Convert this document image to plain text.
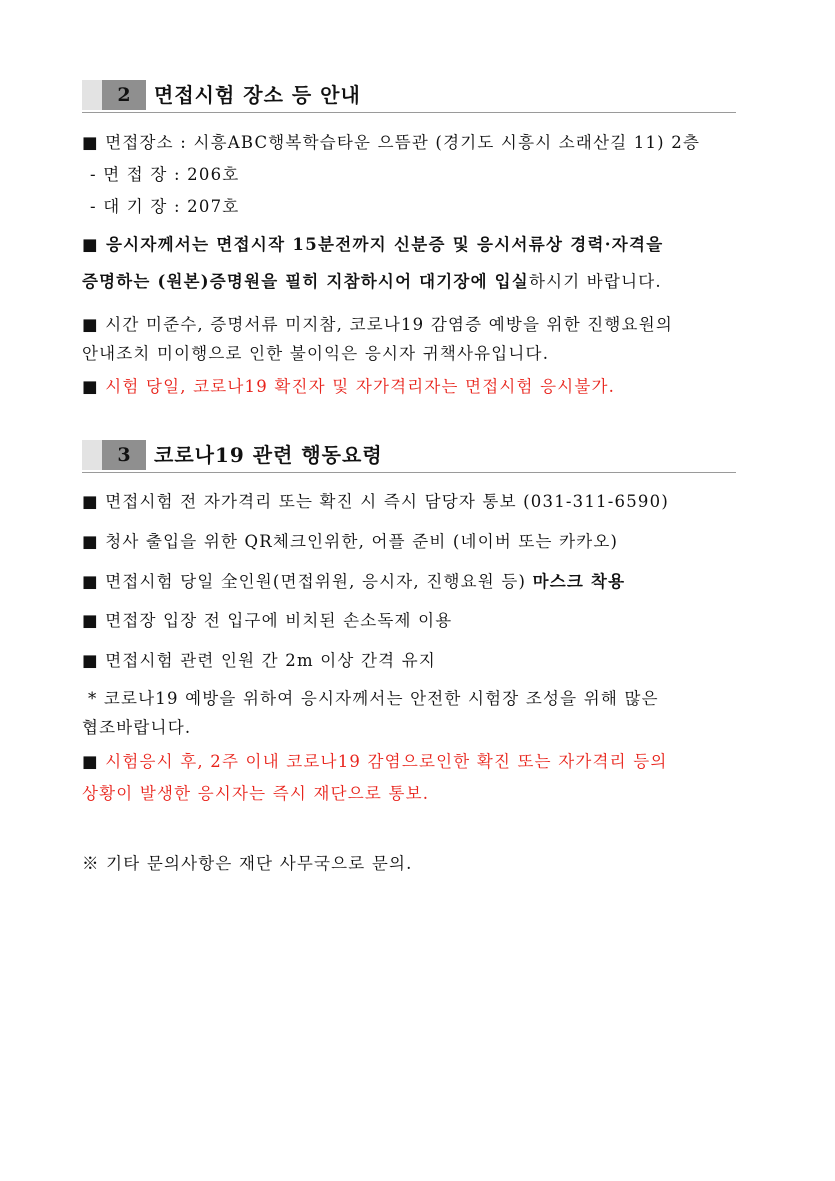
2	면접시험 장소 등 안내
■ 면접장소 : 시흥ABC행복학습타운 으뜸관 (경기도 시흥시 소래산길 11) 2층
- 면 접 장 : 206호
- 대 기 장 : 207호
■ 응시자께서는 면접시작 15분전까지 신분증 및 응시서류상 경력·자격을
증명하는 (원본)증명원을 필히 지참하시어 대기장에 입실하시기 바랍니다.
■ 시간 미준수, 증명서류 미지참, 코로나19 감염증 예방을 위한 진행요원의
안내조치 미이행으로 인한 불이익은 응시자 귀책사유입니다.
■ 시험 당일, 코로나19 확진자 및 자가격리자는 면접시험 응시불가.
3	코로나19 관련 행동요령
■ 면접시험 전 자가격리 또는 확진 시 즉시 담당자 통보 (031-311-6590)
■ 청사 출입을 위한 QR체크인위한, 어플 준비 (네이버 또는 카카오)
■ 면접시험 당일 全인원(면접위원, 응시자, 진행요원 등) 마스크 착용
■ 면접장 입장 전 입구에 비치된 손소독제 이용
■ 면접시험 관련 인원 간 2m 이상 간격 유지
* 코로나19 예방을 위하여 응시자께서는 안전한 시험장 조성을 위해 많은
협조바랍니다.
■ 시험응시 후, 2주 이내 코로나19 감염으로인한 확진 또는 자가격리 등의
상황이 발생한 응시자는 즉시 재단으로 통보.
※ 기타 문의사항은 재단 사무국으로 문의.
